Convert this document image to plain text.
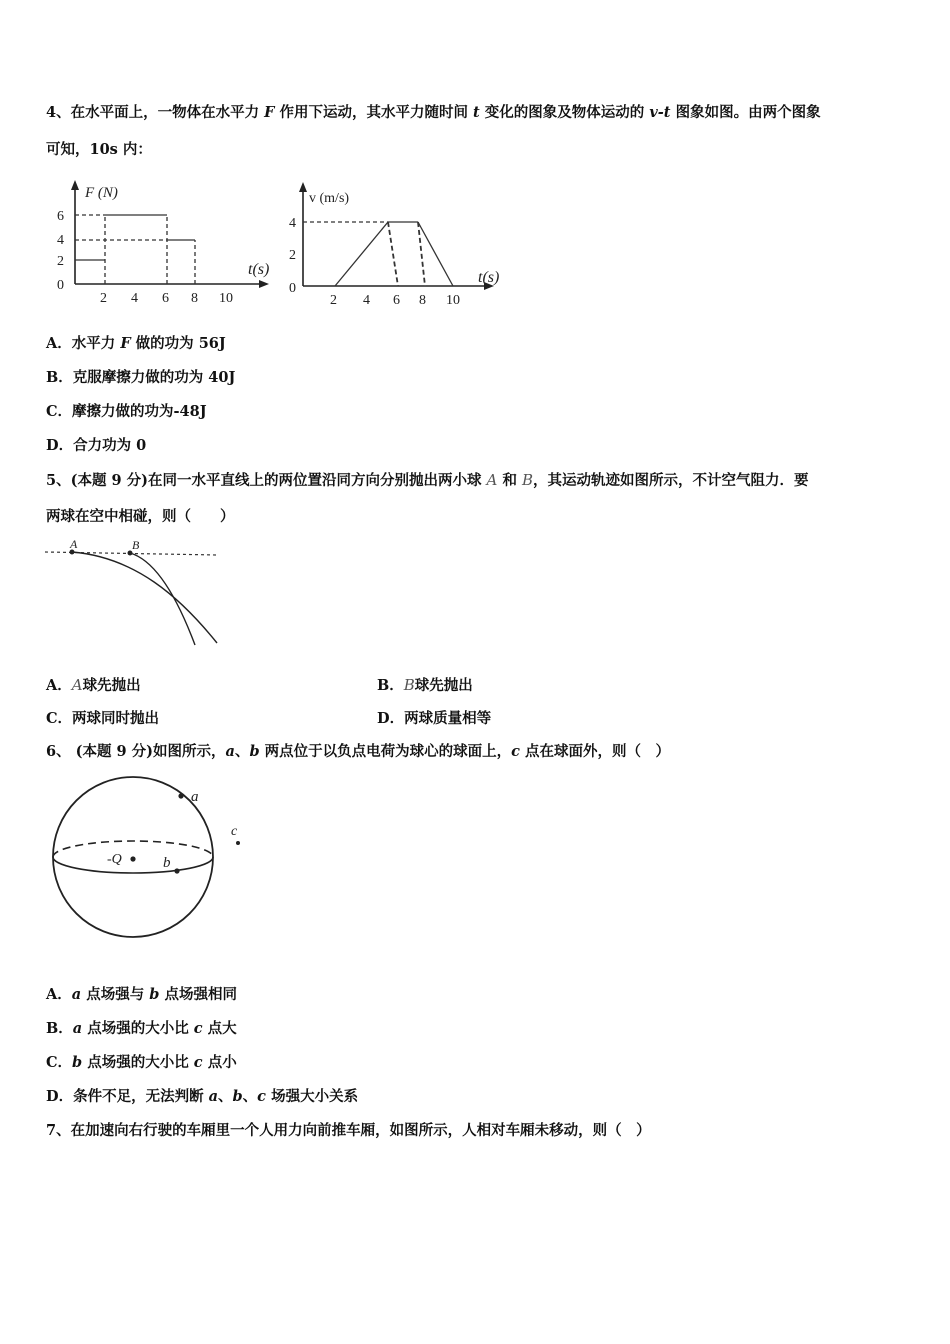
4、在水平面上，一物体在水平力 F 作用下运动，其水平力随时间 t 变化的图象及物体运动的 v-t 图象如图。由两个图象
可知，10s 内：
F (N)
t(s)
0
2
4
6
2 4 6 8 10
v (m/s)
t(s)
0
2
4
2 4 6 8 10
A．水平力 F 做的功为 56J
B．克服摩擦力做的功为 40J
C．摩擦力做的功为-48J
D．合力功为 0
5、(本题 9 分)在同一水平直线上的两位置沿同方向分别抛出两小球 A 和 B，其运动轨迹如图所示，不计空气阻力．要
两球在空中相碰，则（　　）
A	B
A．A球先抛出	B．B球先抛出
C．两球同时抛出	D．两球质量相等
6、 (本题 9 分)如图所示，a、b 两点位于以负点电荷为球心的球面上，c 点在球面外，则（　）
-Q
a
b
c
A．a 点场强与 b 点场强相同
B．a 点场强的大小比 c 点大
C．b 点场强的大小比 c 点小
D．条件不足，无法判断 a、b、c 场强大小关系
7、在加速向右行驶的车厢里一个人用力向前推车厢，如图所示，人相对车厢未移动，则（　）
